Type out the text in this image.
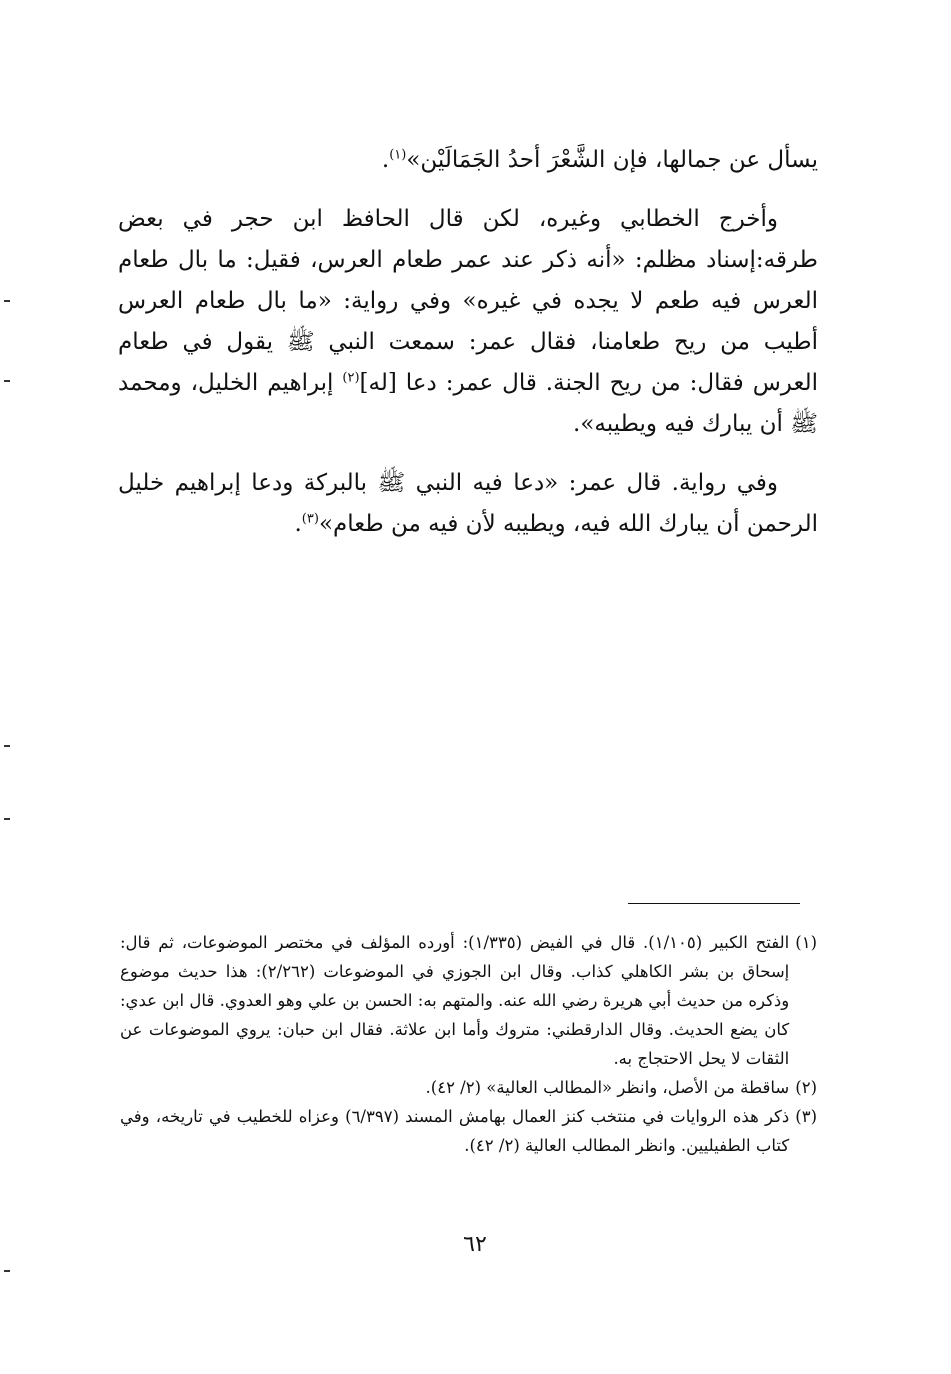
يسأل عن جمالها، فإن الشَّعْرَ أحدُ الجَمَالَيْن»$^{(١)}$.

وأخرج الخطابي وغيره، لكن قال الحافظ ابن حجر في بعض طرقه:إسناد مظلم: «أنه ذكر عند عمر طعام العرس، فقيل: ما بال طعام العرس فيه طعم لا يجده في غيره» وفي رواية: «ما بال طعام العرس أطيب من ريح طعامنا، فقال عمر: سمعت النبي ﷺ يقول في طعام العرس فقال: من ريح الجنة. قال عمر: دعا [له]$^{(٢)}$ إبراهيم الخليل، ومحمد ﷺ أن يبارك فيه ويطيبه».

وفي رواية. قال عمر: «دعا فيه النبي ﷺ بالبركة ودعا إبراهيم خليل الرحمن أن يبارك الله فيه، ويطيبه لأن فيه من طعام»$^{(٣)}$.

(١)
الفتح الكبير (١/١٠٥). قال في الفيض (١/٣٣٥): أورده المؤلف في مختصر الموضوعات، ثم قال: إسحاق بن بشر الكاهلي كذاب. وقال ابن الجوزي في الموضوعات (٢/٢٦٢): هذا حديث موضوع وذكره من حديث أبي هريرة رضي الله عنه. والمتهم به: الحسن بن علي وهو العدوي. قال ابن عدي: كان يضع الحديث. وقال الدارقطني: متروك وأما ابن علاثة. فقال ابن حبان: يروي الموضوعات عن الثقات لا يحل الاحتجاج به.
(٢)
ساقطة من الأصل، وانظر «المطالب العالية» (٢/ ٤٢).
(٣)
ذكر هذه الروايات في منتخب كنز العمال بهامش المسند (٦/٣٩٧) وعزاه للخطيب في تاريخه، وفي كتاب الطفيليين. وانظر المطالب العالية (٢/ ٤٢).
٦٢
